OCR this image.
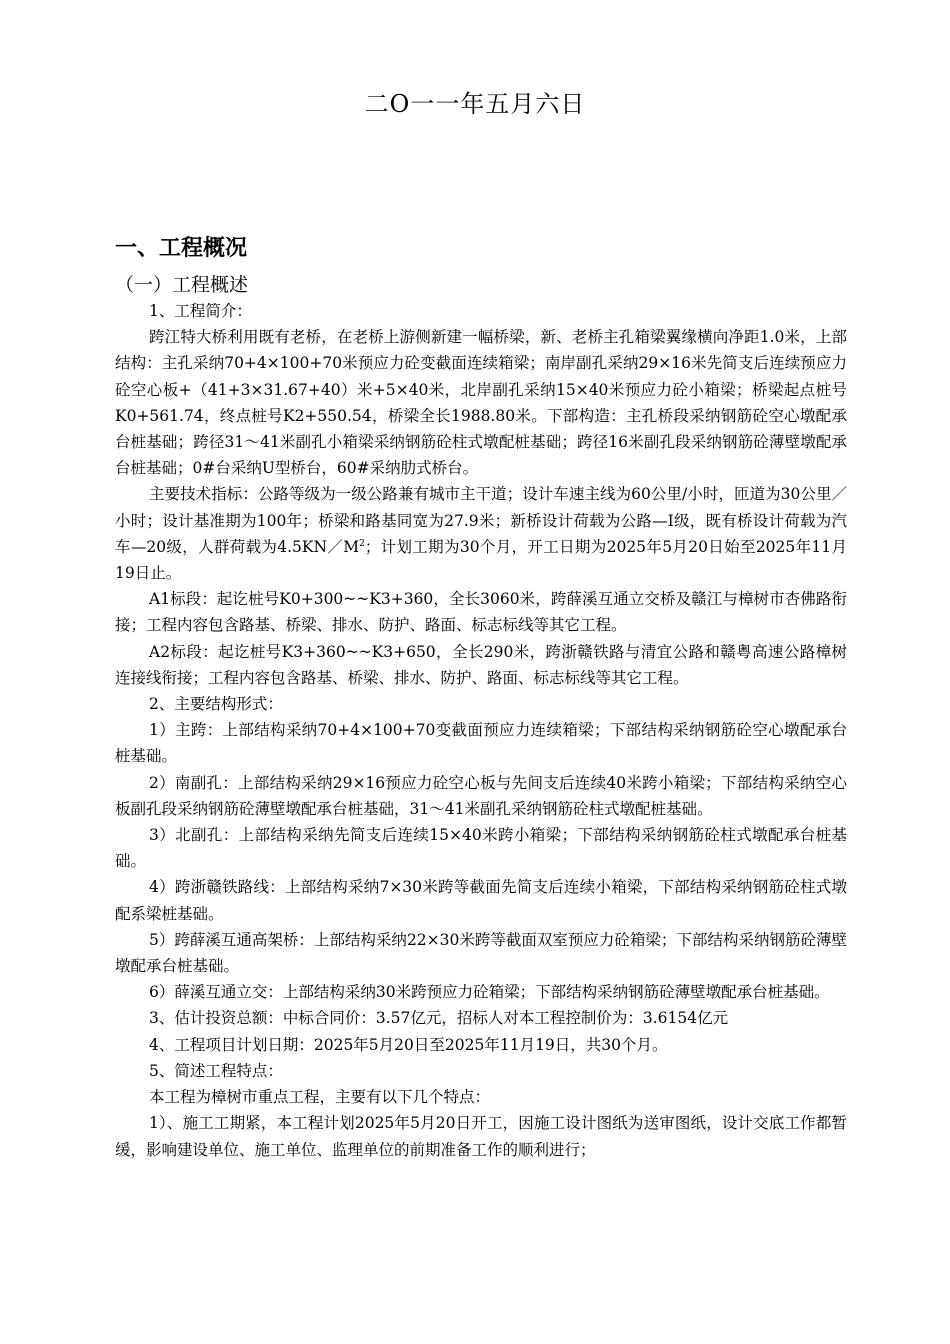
二O一一年五月六日
一、工程概况
（一）工程概述

1、工程简介：

跨江特大桥利用既有老桥，在老桥上游侧新建一幅桥梁，新、老桥主孔箱梁翼缘横向净距1.0米，上部结构：主孔采纳70+4×100+70米预应力砼变截面连续箱梁；南岸副孔采纳29×16米先简支后连续预应力砼空心板+（41+3×31.67+40）米+5×40米，北岸副孔采纳15×40米预应力砼小箱梁；桥梁起点桩号K0+561.74，终点桩号K2+550.54，桥梁全长1988.80米。下部构造：主孔桥段采纳钢筋砼空心墩配承台桩基础；跨径31～41米副孔小箱梁采纳钢筋砼柱式墩配桩基础；跨径16米副孔段采纳钢筋砼薄壁墩配承台桩基础；0#台采纳U型桥台，60#采纳肋式桥台。

主要技术指标：公路等级为一级公路兼有城市主干道；设计车速主线为60公里/小时，匝道为30公里／小时；设计基准期为100年；桥梁和路基同宽为27.9米；新桥设计荷载为公路—I级，既有桥设计荷载为汽车—20级，人群荷载为$4.5KN/M^2$；计划工期为30个月，开工日期为2025年5月20日始至2025年11月19日止。

A1标段：起讫桩号K0+300~~K3+360，全长3060米，跨薛溪互通立交桥及赣江与樟树市杏佛路衔接；工程内容包含路基、桥梁、排水、防护、路面、标志标线等其它工程。

A2标段：起讫桩号K3+360~~K3+650，全长290米，跨浙赣铁路与清宜公路和赣粤高速公路樟树连接线衔接；工程内容包含路基、桥梁、排水、防护、路面、标志标线等其它工程。

2、主要结构形式：

1）主跨：上部结构采纳70+4×100+70变截面预应力连续箱梁；下部结构采纳钢筋砼空心墩配承台桩基础。

2）南副孔：上部结构采纳29×16预应力砼空心板与先间支后连续40米跨小箱梁；下部结构采纳空心板副孔段采纳钢筋砼薄壁墩配承台桩基础，31～41米副孔采纳钢筋砼柱式墩配桩基础。

3）北副孔：上部结构采纳先简支后连续15×40米跨小箱梁；下部结构采纳钢筋砼柱式墩配承台桩基础。

4）跨浙赣铁路线：上部结构采纳7×30米跨等截面先简支后连续小箱梁，下部结构采纳钢筋砼柱式墩配系梁桩基础。

5）跨薛溪互通高架桥：上部结构采纳22×30米跨等截面双室预应力砼箱梁；下部结构采纳钢筋砼薄壁墩配承台桩基础。

6）薛溪互通立交：上部结构采纳30米跨预应力砼箱梁；下部结构采纳钢筋砼薄壁墩配承台桩基础。

3、估计投资总额：中标合同价：3.57亿元，招标人对本工程控制价为：3.6154亿元

4、工程项目计划日期：2025年5月20日至2025年11月19日，共30个月。

5、简述工程特点：

本工程为樟树市重点工程，主要有以下几个特点：

1）、施工工期紧，本工程计划2025年5月20日开工，因施工设计图纸为送审图纸，设计交底工作都暂缓，影响建设单位、施工单位、监理单位的前期准备工作的顺利进行；
